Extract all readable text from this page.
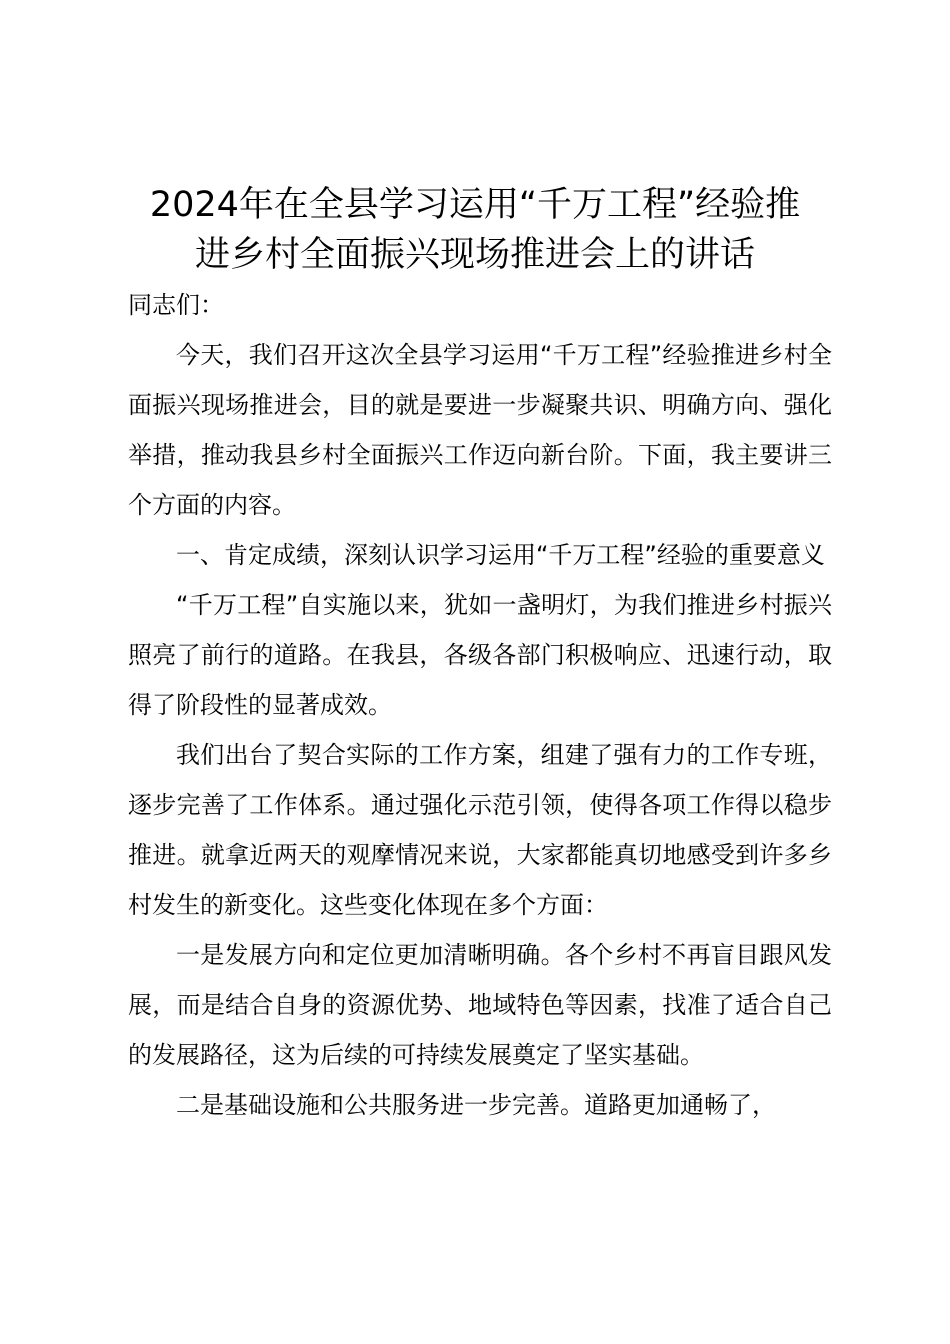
2024年在全县学习运用“千万工程”经验推
进乡村全面振兴现场推进会上的讲话

同志们：

今天，我们召开这次全县学习运用“千万工程”经验推进乡村全面振兴现场推进会，目的就是要进一步凝聚共识、明确方向、强化举措，推动我县乡村全面振兴工作迈向新台阶。下面，我主要讲三个方面的内容。

一、肯定成绩，深刻认识学习运用“千万工程”经验的重要意义

“千万工程”自实施以来，犹如一盏明灯，为我们推进乡村振兴照亮了前行的道路。在我县，各级各部门积极响应、迅速行动，取得了阶段性的显著成效。

我们出台了契合实际的工作方案，组建了强有力的工作专班，逐步完善了工作体系。通过强化示范引领，使得各项工作得以稳步推进。就拿近两天的观摩情况来说，大家都能真切地感受到许多乡村发生的新变化。这些变化体现在多个方面：

一是发展方向和定位更加清晰明确。各个乡村不再盲目跟风发展，而是结合自身的资源优势、地域特色等因素，找准了适合自己的发展路径，这为后续的可持续发展奠定了坚实基础。

二是基础设施和公共服务进一步完善。道路更加通畅了，
